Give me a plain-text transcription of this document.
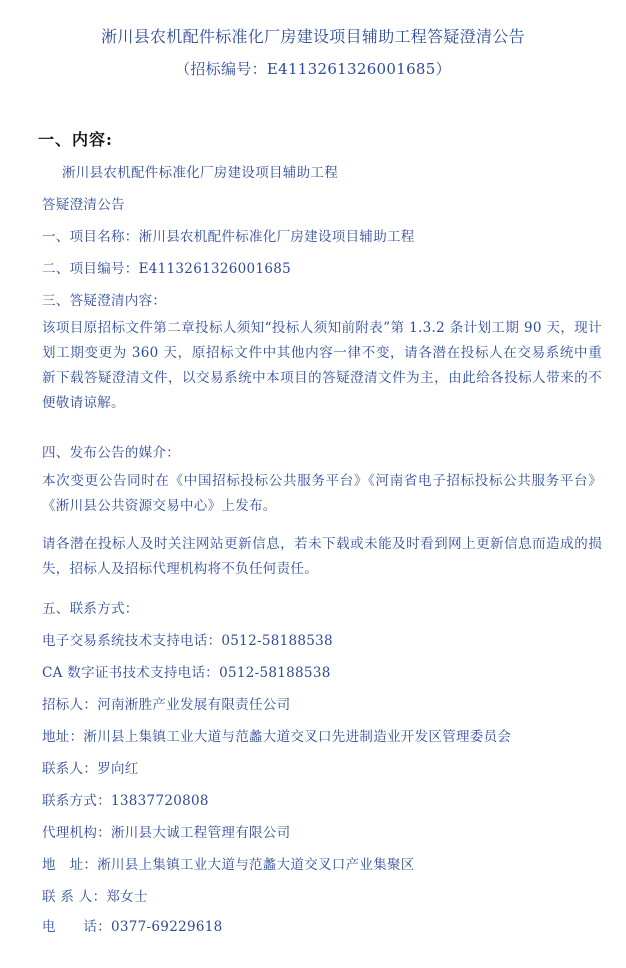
淅川县农机配件标准化厂房建设项目辅助工程答疑澄清公告
（招标编号：E4113261326001685）
一、内容:
淅川县农机配件标准化厂房建设项目辅助工程
答疑澄清公告
一、项目名称：淅川县农机配件标准化厂房建设项目辅助工程
二、项目编号：E4113261326001685
三、答疑澄清内容：
该项目原招标文件第二章投标人须知“投标人须知前附表”第 1.3.2 条计划工期 90 天，现计划工期变更为 360 天，原招标文件中其他内容一律不变，请各潜在投标人在交易系统中重新下载答疑澄清文件，以交易系统中本项目的答疑澄清文件为主，由此给各投标人带来的不便敬请谅解。
四、发布公告的媒介：
本次变更公告同时在《中国招标投标公共服务平台》《河南省电子招标投标公共服务平台》《淅川县公共资源交易中心》上发布。
请各潜在投标人及时关注网站更新信息，若未下载或未能及时看到网上更新信息而造成的损失，招标人及招标代理机构将不负任何责任。
五、联系方式：
电子交易系统技术支持电话：0512-58188538
CA 数字证书技术支持电话：0512-58188538
招标人：河南淅胜产业发展有限责任公司
地址：淅川县上集镇工业大道与范蠡大道交叉口先进制造业开发区管理委员会
联系人：罗向红
联系方式：13837720808
代理机构：淅川县大诚工程管理有限公司
地　址：淅川县上集镇工业大道与范蠡大道交叉口产业集聚区
联 系 人：郑女士
电　　话：0377-69229618
